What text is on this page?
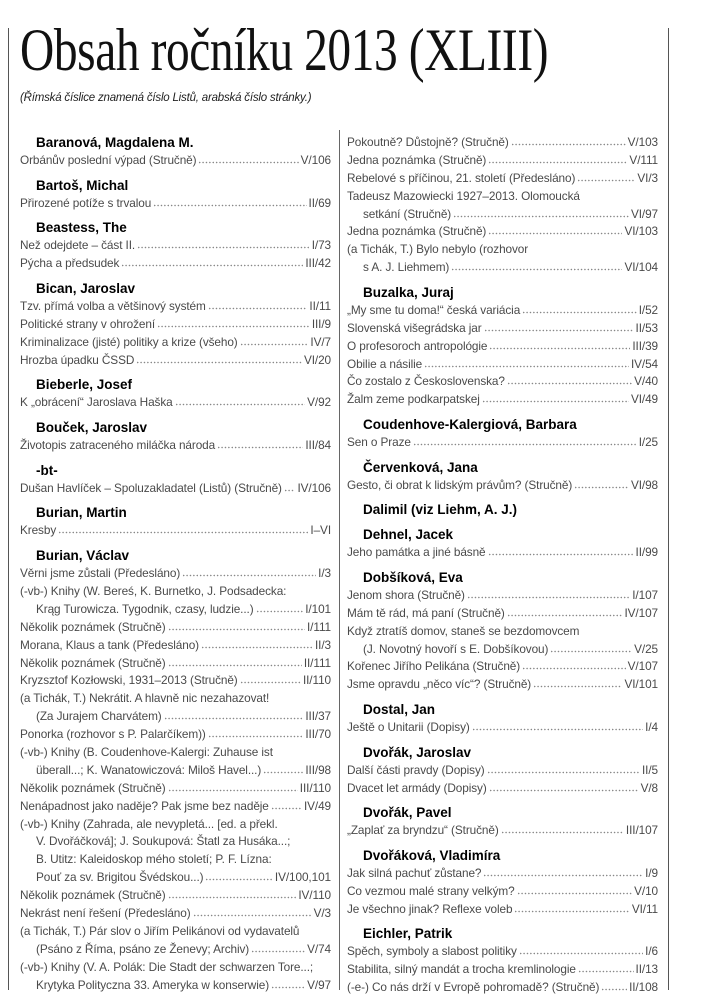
Obsah ročníku 2013 (XLIII)
(Římská číslice znamená číslo Listů, arabská číslo stránky.)
Baranová, Magdalena M.
Orbánův poslední výpad (Stručně)	V/106
Bartoš, Michal
Přirozené potíže s trvalou	II/69
Beastess, The
Než odejdete – část II.	I/73
Pýcha a předsudek	III/42
Bican, Jaroslav
Tzv. přímá volba a většinový systém	II/11
Politické strany v ohrožení	III/9
Kriminalizace (jisté) politiky a krize (všeho)	IV/7
Hrozba úpadku ČSSD	VI/20
Bieberle, Josef
K „obrácení“ Jaroslava Haška	V/92
Bouček, Jaroslav
Životopis zatraceného miláčka národa	III/84
-bt-
Dušan Havlíček – Spoluzakladatel (Listů) (Stručně) IV/106
Burian, Martin
Kresby	I–VI
Burian, Václav
Věrni jsme zůstali (Předesláno)	I/3
(-vb-) Knihy (W. Bereś, K. Burnetko, J. Podsadecka:
Krąg Turowicza. Tygodnik, czasy, ludzie...)	I/101
Několik poznámek (Stručně)	I/111
Morana, Klaus a tank (Předesláno)	II/3
Několik poznámek (Stručně)	II/111
Kryzsztof Kozłowski, 1931–2013 (Stručně)	II/110
(a Tichák, T.) Nekrátit. A hlavně nic nezahazovat!
(Za Jurajem Charvátem)	III/37
Ponorka (rozhovor s P. Palarčíkem))	III/70
(-vb-) Knihy (B. Coudenhove-Kalergi: Zuhause ist
überall...; K. Wanatowiczová: Miloš Havel...)	III/98
Několik poznámek (Stručně)	III/110
Nenápadnost jako naděje? Pak jsme bez naděje	IV/49
(-vb-) Knihy (Zahrada, ale nevypletá... [ed. a překl.
V. Dvořáčková]; J. Soukupová: Štatl za Husáka...;
B. Utitz: Kaleidoskop mého století; P. F. Lízna:
Pouť za sv. Brigitou Švédskou...)	IV/100,101
Několik poznámek (Stručně)	IV/110
Nekrást není řešení (Předesláno)	V/3
(a Tichák, T.) Pár slov o Jiřím Pelikánovi od vydavatelů
(Psáno z Říma, psáno ze Ženevy; Archiv)	V/74
(-vb-) Knihy (V. A. Polák: Die Stadt der schwarzen Tore...;
Krytyka Polityczna 33. Ameryka w konserwie)	V/97
Pokoutně? Důstojně? (Stručně)	V/103
Jedna poznámka (Stručně)	V/111
Rebelové s příčinou, 21. století (Předesláno)	VI/3
Tadeusz Mazowiecki 1927–2013. Olomoucká
setkání (Stručně)	VI/97
Jedna poznámka (Stručně)	VI/103
(a Tichák, T.) Bylo nebylo (rozhovor
s A. J. Liehmem)	VI/104
Buzalka, Juraj
„My sme tu doma!“ česká variácia	I/52
Slovenská višegrádska jar	II/53
O profesoroch antropológie	III/39
Obilie a násilie	IV/54
Čo zostalo z Československa?	V/40
Žalm zeme podkarpatskej	VI/49
Coudenhove-Kalergiová, Barbara
Sen o Praze	I/25
Červenková, Jana
Gesto, či obrat k lidským právům? (Stručně)	VI/98
Dalimil (viz Liehm, A. J.)
Dehnel, Jacek
Jeho památka a jiné básně	II/99
Dobšíková, Eva
Jenom shora (Stručně)	I/107
Mám tě rád, má paní (Stručně)	IV/107
Když ztratíš domov, staneš se bezdomovcem
(J. Novotný hovoří s E. Dobšíkovou)	V/25
Kořenec Jiřího Pelikána (Stručně)	V/107
Jsme opravdu „něco víc“? (Stručně)	VI/101
Dostal, Jan
Ještě o Unitarii (Dopisy)	I/4
Dvořák, Jaroslav
Další části pravdy (Dopisy)	II/5
Dvacet let armády (Dopisy)	V/8
Dvořák, Pavel
„Zaplať za bryndzu“ (Stručně)	III/107
Dvořáková, Vladimíra
Jak silná pachuť zůstane?	I/9
Co vezmou malé strany velkým?	V/10
Je všechno jinak? Reflexe voleb	VI/11
Eichler, Patrik
Spěch, symboly a slabost politiky	I/6
Stabilita, silný mandát a trocha kremlinologie	II/13
(-e-) Co nás drží v Evropě pohromadě? (Stručně)	II/108
